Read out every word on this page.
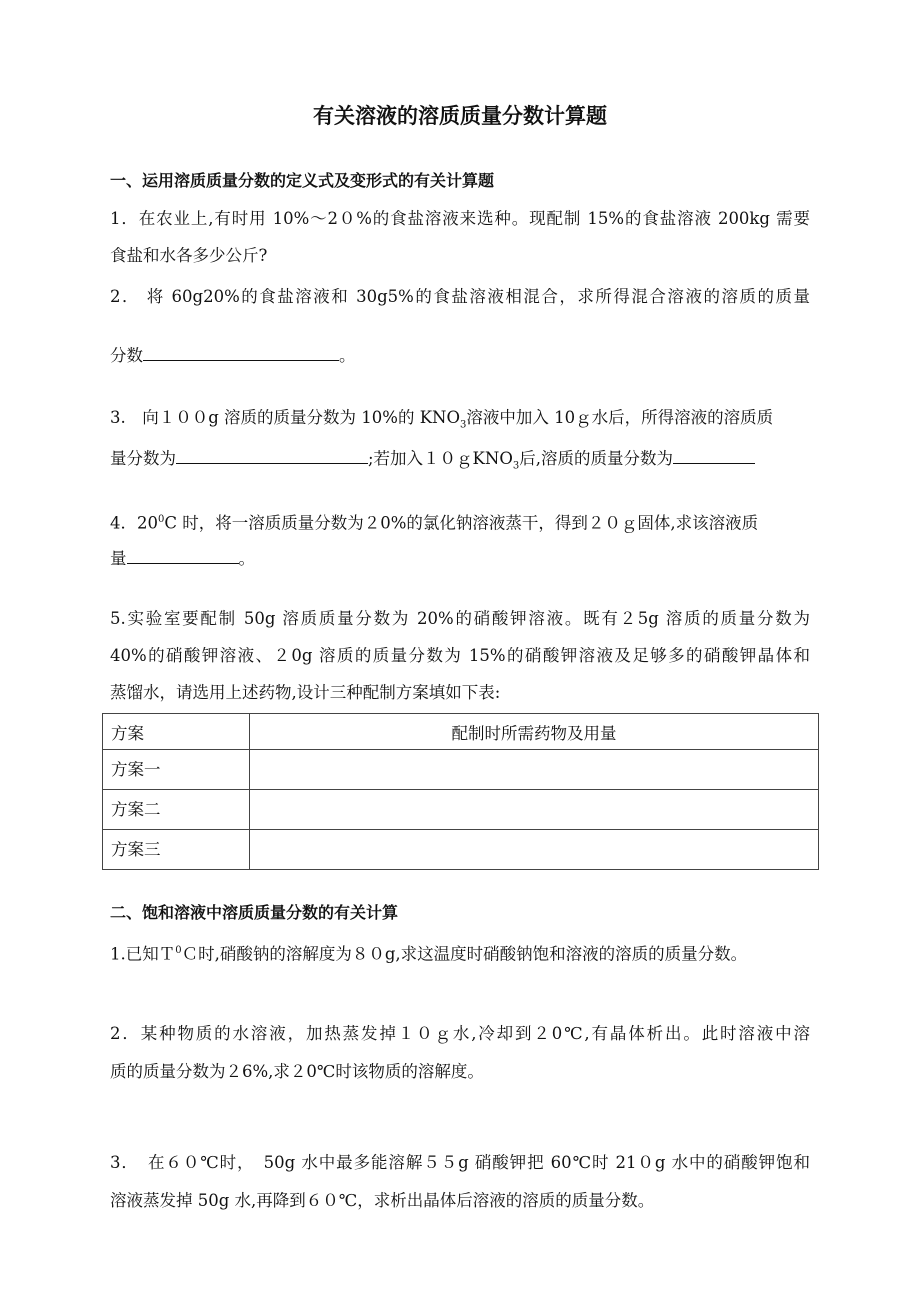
有关溶液的溶质质量分数计算题
一、运用溶质质量分数的定义式及变形式的有关计算题
1．在农业上,有时用 10%～2０%的食盐溶液来选种。现配制 15%的食盐溶液 200kg 需要
食盐和水各多少公斤?
2． 将 60g20%的食盐溶液和 30g5%的食盐溶液相混合，求所得混合溶液的溶质的质量
分数	。
3.　向１００g 溶质的质量分数为 10%的 $KNO_3$溶液中加入 10ｇ水后，所得溶液的溶质质
量分数为	;若加入１０ｇKNO$_3$后,溶质的质量分数为
4．$20^0C$ 时，将一溶质质量分数为２0%的氯化钠溶液蒸干，得到２０ｇ固体,求该溶液质
量	。
5.实验室要配制 50g 溶质质量分数为 20%的硝酸钾溶液。既有２5g 溶质的质量分数为
40%的硝酸钾溶液、２0g 溶质的质量分数为 15%的硝酸钾溶液及足够多的硝酸钾晶体和
蒸馏水，请选用上述药物,设计三种配制方案填如下表:
方案	配制时所需药物及用量
方案一	
方案二	
方案三	
二、饱和溶液中溶质质量分数的有关计算
1.已知Ｔ$^0$Ｃ时,硝酸钠的溶解度为８０g,求这温度时硝酸钠饱和溶液的溶质的质量分数。
2．某种物质的水溶液，加热蒸发掉１０ｇ水,冷却到２0℃,有晶体析出。此时溶液中溶
质的质量分数为２6%,求２0℃时该物质的溶解度。
3．　在６０℃时，　50g 水中最多能溶解５５g 硝酸钾把 60℃时 21０g 水中的硝酸钾饱和
溶液蒸发掉 50g 水,再降到６０℃，求析出晶体后溶液的溶质的质量分数。
